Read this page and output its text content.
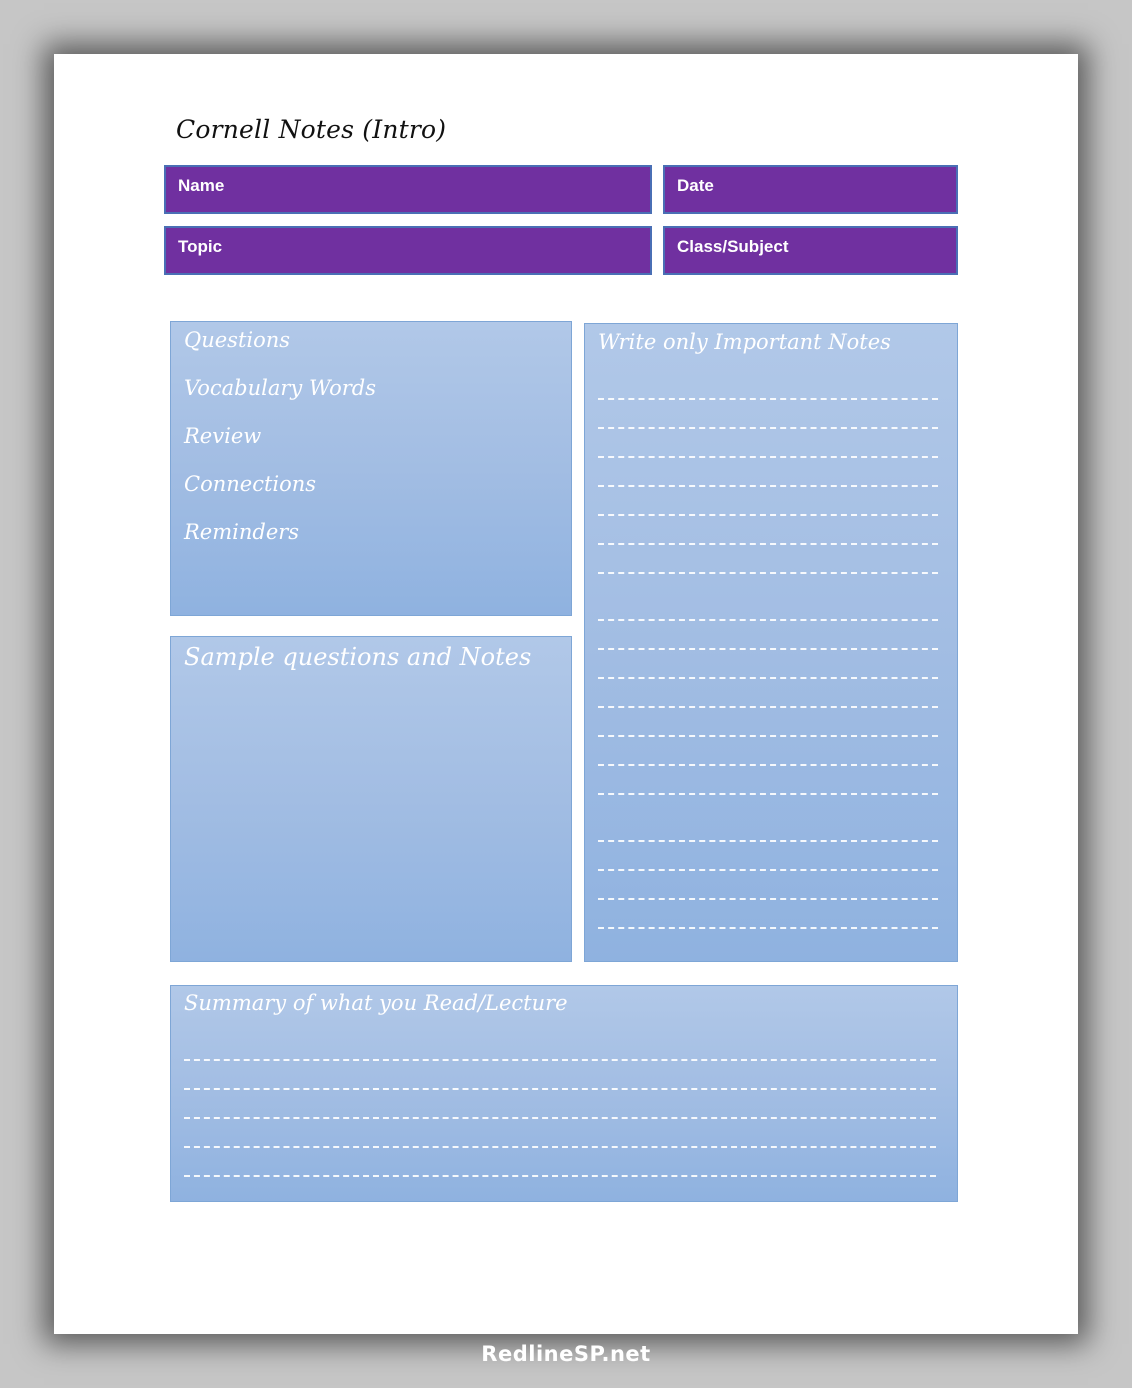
Cornell Notes (Intro)
Name	Date
Topic	Class/Subject
Questions
Vocabulary Words
Review
Connections
Reminders
Sample questions and Notes
Write only Important Notes
Summary of what you Read/Lecture
RedlineSP.net
